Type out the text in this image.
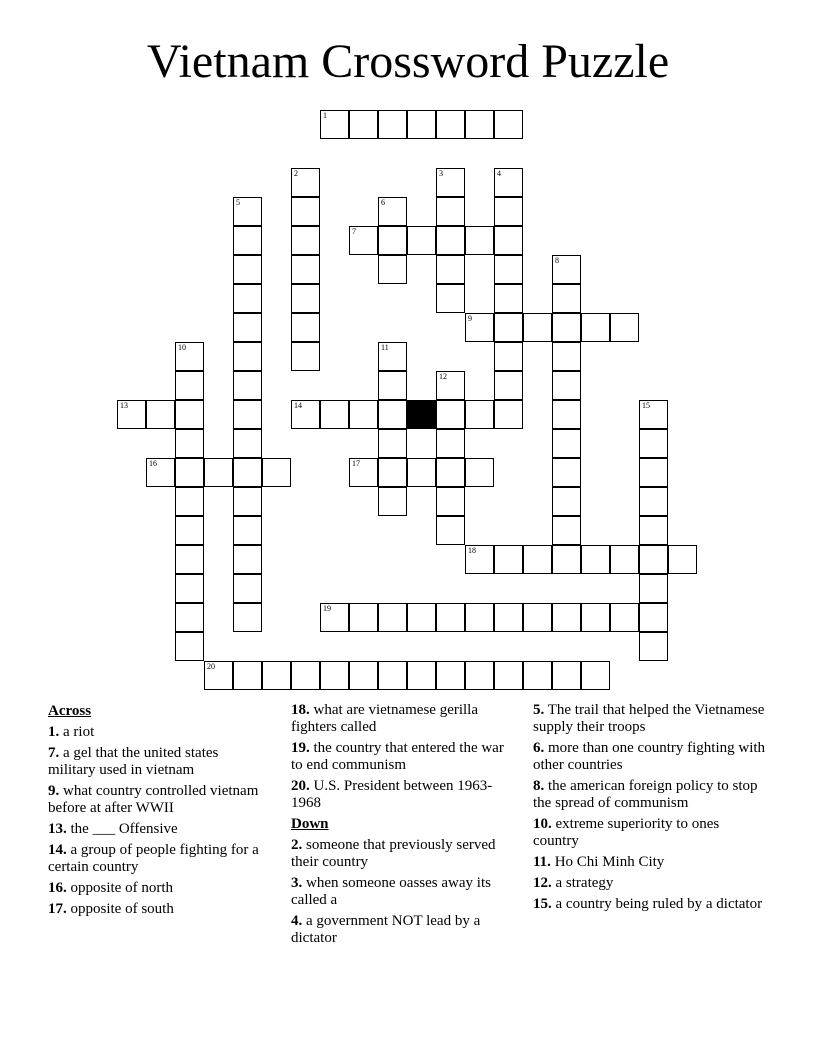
Vietnam Crossword Puzzle
1
2	3	4
5	6
7
8
9
10	11
12
13	14	15
16	17
18
19
20
Across
1. a riot
7. a gel that the united states military used in vietnam
9. what country controlled vietnam before at after WWII
13. the ___ Offensive
14. a group of people fighting for a certain country
16. opposite of north
17. opposite of south
18. what are vietnamese gerilla fighters called
19. the country that entered the war to end communism
20. U.S. President between 1963-1968
Down
2. someone that previously served their country
3. when someone oasses away its called a
4. a government NOT lead by a dictator
5. The trail that helped the Vietnamese supply their troops
6. more than one country fighting with other countries
8. the american foreign policy to stop the spread of communism
10. extreme superiority to ones country
11. Ho Chi Minh City
12. a strategy
15. a country being ruled by a dictator
